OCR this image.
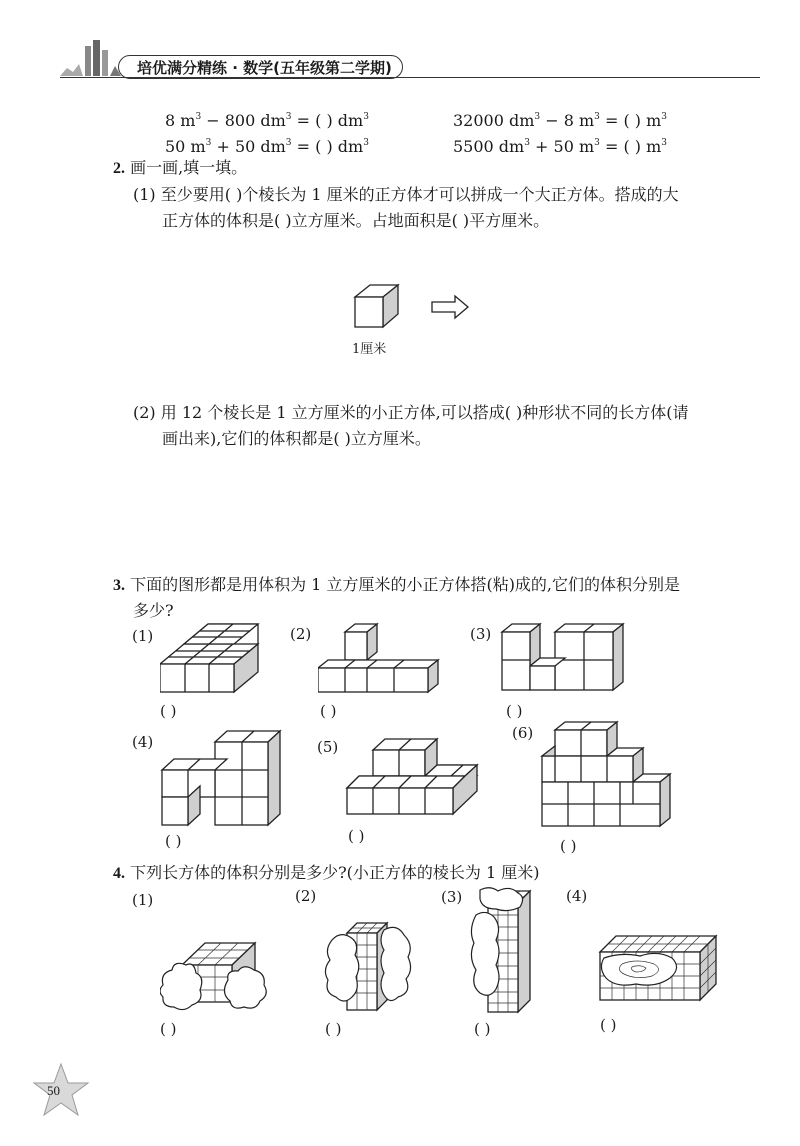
培优满分精练 · 数学(五年级第二学期)
8 $m^3 - 800$ $dm^3$ = ( ) $dm^3$
50 $m^3 + 50$ $dm^3$ = ( ) $dm^3$
32000 $dm^3 - 8$ $m^3$ = ( ) $m^3$
5500 $dm^3 + 50$ $m^3$ = ( ) $m^3$
2. 画一画,填一填。
(1) 至少要用( )个棱长为 1 厘米的正方体才可以拼成一个大正方体。搭成的大
正方体的体积是( )立方厘米。占地面积是( )平方厘米。
1厘米
(2) 用 12 个棱长是 1 立方厘米的小正方体,可以搭成( )种形状不同的长方体(请
画出来),它们的体积都是( )立方厘米。
3. 下面的图形都是用体积为 1 立方厘米的小正方体搭(粘)成的,它们的体积分别是
多少?
(1)	(2)	(3)
(4)	(5)
(6)
( )	( )	( )
( )	( )
( )
4. 下列长方体的体积分别是多少?(小正方体的棱长为 1 厘米)
(1)	(2)	(3)	(4)
( )	( )	( )	( )
50
